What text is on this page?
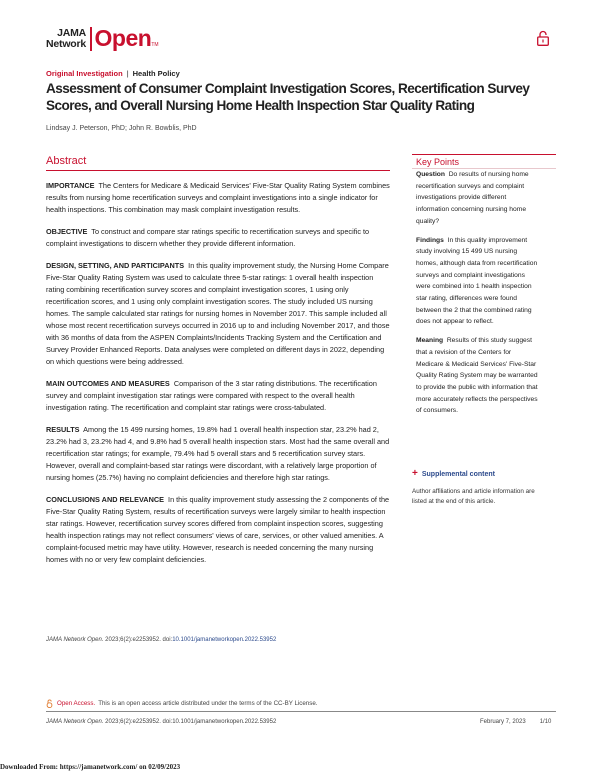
JAMA
Network Open TM
Original Investigation | Health Policy
Assessment of Consumer Complaint Investigation Scores, Recertification Survey Scores, and Overall Nursing Home Health Inspection Star Quality Rating
Lindsay J. Peterson, PhD; John R. Bowblis, PhD
Abstract

IMPORTANCE The Centers for Medicare & Medicaid Services' Five-Star Quality Rating System combines results from nursing home recertification surveys and complaint investigations into a single indicator for health inspections. This combination may mask complaint investigation results.

OBJECTIVE To construct and compare star ratings specific to recertification surveys and specific to complaint investigations to discern whether they provide different information.

DESIGN, SETTING, AND PARTICIPANTS In this quality improvement study, the Nursing Home Compare Five-Star Quality Rating System was used to calculate three 5-star ratings: 1 overall health inspection rating combining recertification survey scores and complaint investigation scores, 1 using only recertification scores, and 1 using only complaint investigation scores. The study included US nursing homes. The sample calculated star ratings for nursing homes in November 2017. This sample included all whose most recent recertification surveys occurred in 2016 up to and including November 2017, and those with 36 months of data from the ASPEN Complaints/Incidents Tracking System and the Certification and Survey Provider Enhanced Reports. Data analyses were completed on different days in 2022, depending on which questions were being addressed.

MAIN OUTCOMES AND MEASURES Comparison of the 3 star rating distributions. The recertification survey and complaint investigation star ratings were compared with respect to the overall health investigation rating. The recertification and complaint star ratings were cross-tabulated.

RESULTS Among the 15 499 nursing homes, 19.8% had 1 overall health inspection star, 23.2% had 2, 23.2% had 3, 23.2% had 4, and 9.8% had 5 overall health inspection stars. Most had the same overall and recertification star ratings; for example, 79.4% had 5 overall stars and 5 recertification survey stars. However, overall and complaint-based star ratings were discordant, with a relatively large proportion of nursing homes (25.7%) having no complaint deficiencies and therefore high star ratings.

CONCLUSIONS AND RELEVANCE In this quality improvement study assessing the 2 components of the Five-Star Quality Rating System, results of recertification surveys were largely similar to health inspection star ratings. However, recertification survey scores differed from complaint inspection scores, suggesting health inspection ratings may not reflect consumers' views of care, services, or other valued amenities. A complaint-focused metric may have utility. However, research is needed concerning the many nursing homes with no or very few complaint deficiencies.

Key Points

Question Do results of nursing home recertification surveys and complaint investigations provide different information concerning nursing home quality?

Findings In this quality improvement study involving 15 499 US nursing homes, although data from recertification surveys and complaint investigations were combined into 1 health inspection star rating, differences were found between the 2 that the combined rating does not appear to reflect.

Meaning Results of this study suggest that a revision of the Centers for Medicare & Medicaid Services' Five-Star Quality Rating System may be warranted to provide the public with information that more accurately reflects the perspectives of consumers.

+ Supplemental content
Author affiliations and article information are listed at the end of this article.
JAMA Network Open. 2023;6(2):e2253952. doi:10.1001/jamanetworkopen.2022.53952
Open Access. This is an open access article distributed under the terms of the CC-BY License.
JAMA Network Open. 2023;6(2):e2253952. doi:10.1001/jamanetworkopen.2022.53952	February 7, 2023 1/10
Downloaded From: https://jamanetwork.com/ on 02/09/2023
